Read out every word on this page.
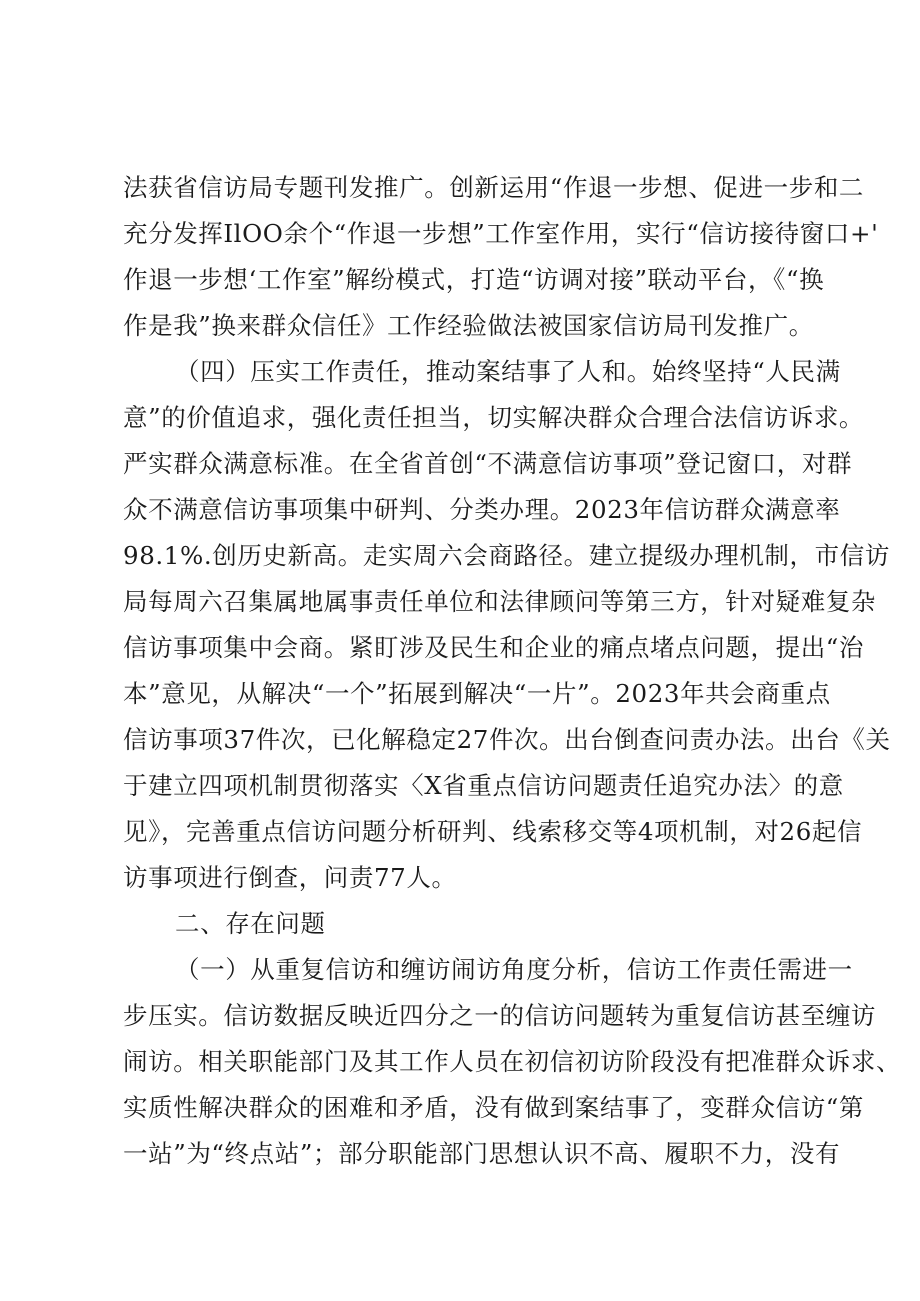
法获省信访局专题刊发推广。创新运用“作退一步想、促进一步和二
充分发挥IlOO余个“作退一步想”工作室作用，实行“信访接待窗口+'
作退一步想‘工作室”解纷模式，打造“访调对接”联动平台，《“换
作是我”换来群众信任》工作经验做法被国家信访局刊发推广。
（四）压实工作责任，推动案结事了人和。始终坚持“人民满
意”的价值追求，强化责任担当，切实解决群众合理合法信访诉求。
严实群众满意标准。在全省首创“不满意信访事项”登记窗口，对群
众不满意信访事项集中研判、分类办理。2023年信访群众满意率
98.1%.创历史新高。走实周六会商路径。建立提级办理机制，市信访
局每周六召集属地属事责任单位和法律顾问等第三方，针对疑难复杂
信访事项集中会商。紧盯涉及民生和企业的痛点堵点问题，提出“治
本”意见，从解决“一个”拓展到解决“一片”。2023年共会商重点
信访事项37件次，已化解稳定27件次。出台倒查问责办法。出台《关
于建立四项机制贯彻落实〈X省重点信访问题责任追究办法〉的意
见》，完善重点信访问题分析研判、线索移交等4项机制，对26起信
访事项进行倒查，问责77人。
二、存在问题
（一）从重复信访和缠访闹访角度分析，信访工作责任需进一
步压实。信访数据反映近四分之一的信访问题转为重复信访甚至缠访
闹访。相关职能部门及其工作人员在初信初访阶段没有把准群众诉求、
实质性解决群众的困难和矛盾，没有做到案结事了，变群众信访“第
一站”为“终点站”；部分职能部门思想认识不高、履职不力，没有
